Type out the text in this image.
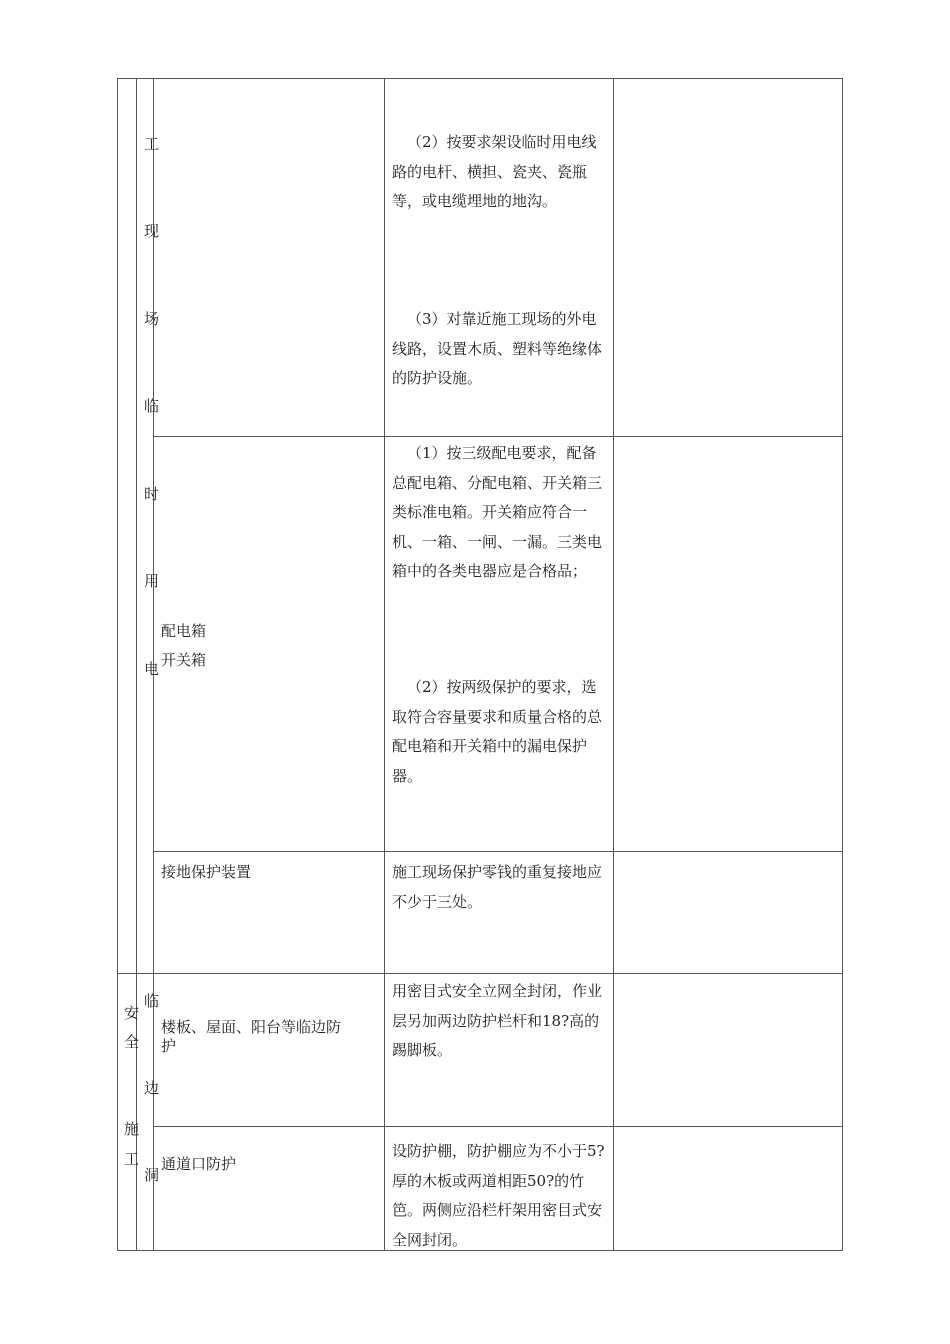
工
现
场
临
时
用
电
（2）按要求架设临时用电线路的电杆、横担、瓷夹、瓷瓶等，或电缆埋地的地沟。
（3）对靠近施工现场的外电线路，设置木质、塑料等绝缘体的防护设施。
配电箱
开关箱
（1）按三级配电要求，配备总配电箱、分配电箱、开关箱三类标准电箱。开关箱应符合一机、一箱、一闸、一漏。三类电箱中的各类电器应是合格品；
（2）按两级保护的要求，选取符合容量要求和质量合格的总配电箱和开关箱中的漏电保护器。
接地保护装置	施工现场保护零钱的重复接地应不少于三处。
安
全
施
工
临
边
洞
楼板、屋面、阳台等临边防
护
用密目式安全立网全封闭，作业层另加两边防护栏杆和18?高的踢脚板。
通道口防护
设防护棚，防护棚应为不小于5?厚的木板或两道相距50?的竹笆。两侧应沿栏杆架用密目式安全网封闭。
